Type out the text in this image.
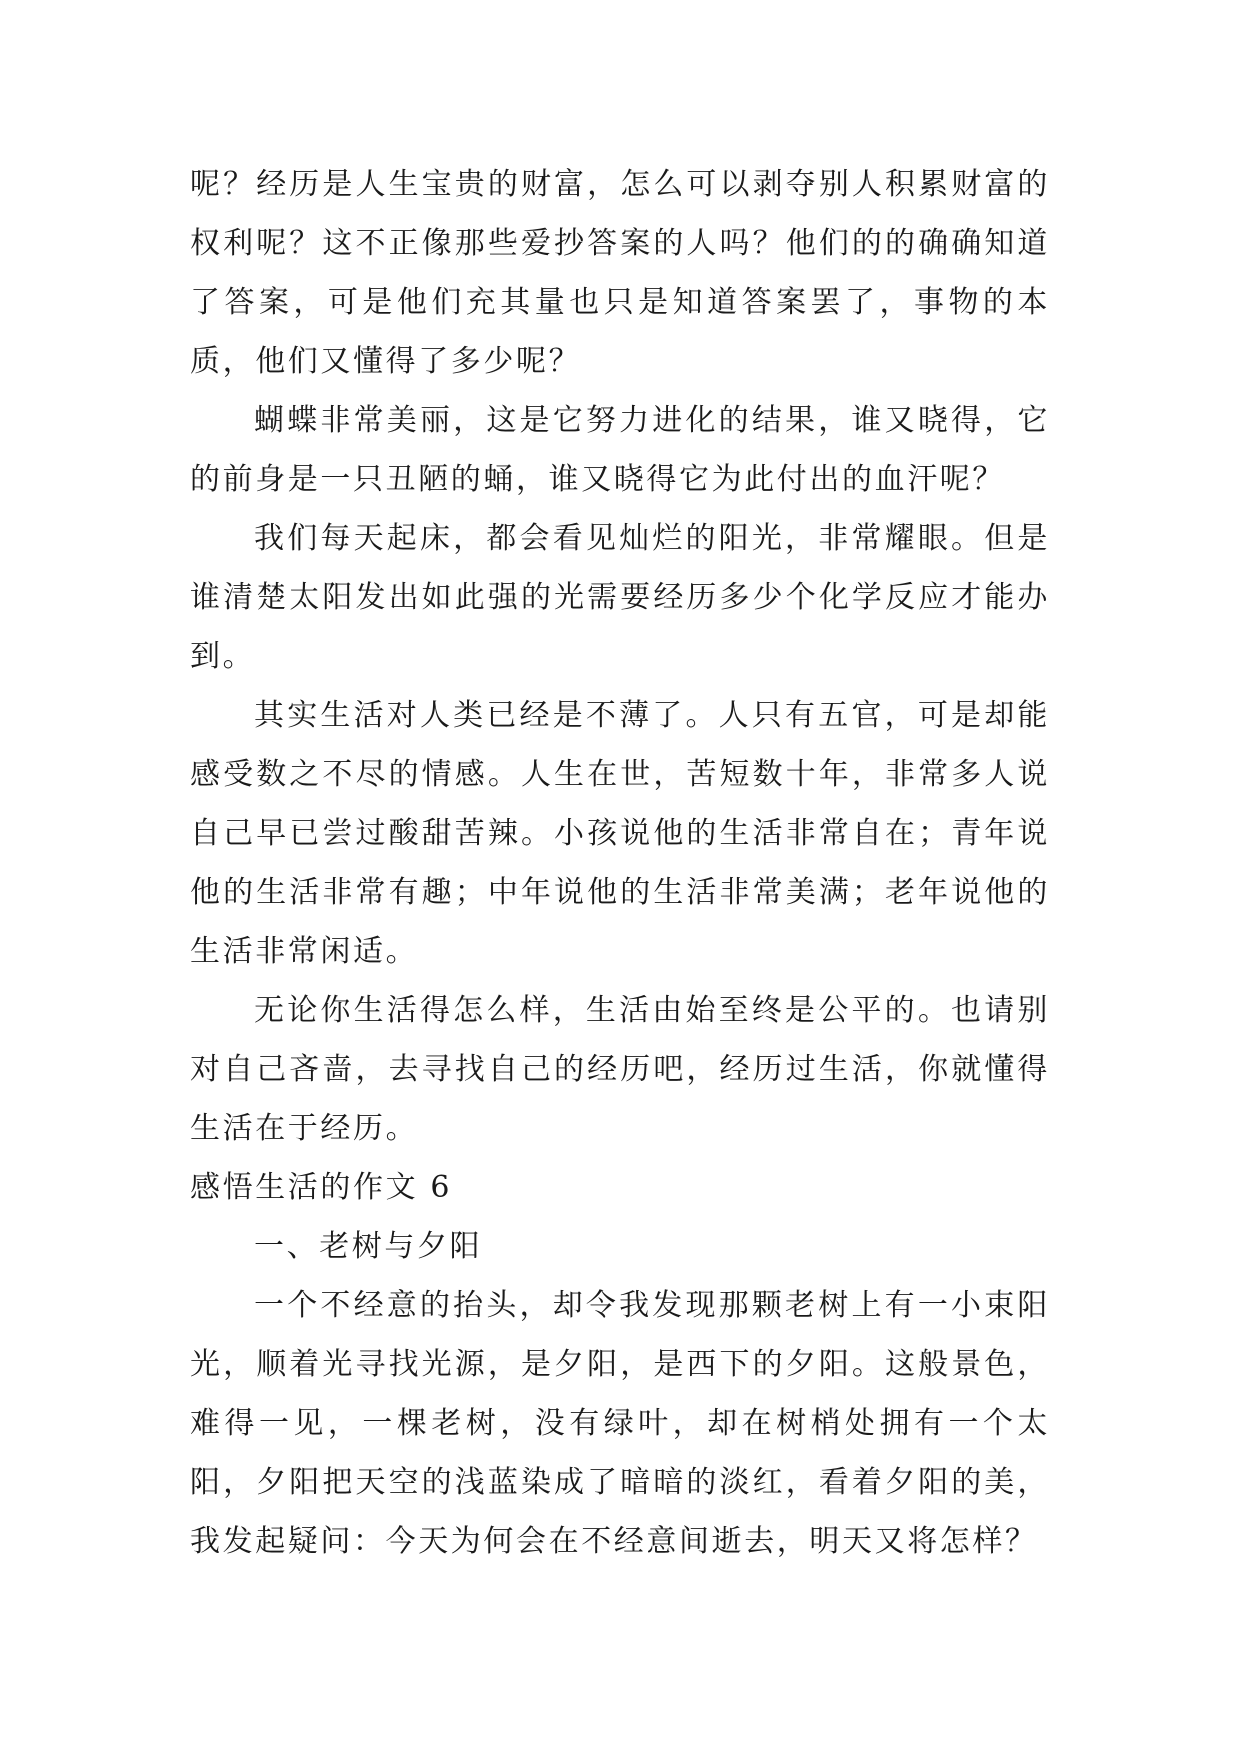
呢？经历是人生宝贵的财富，怎么可以剥夺别人积累财富的权利呢？这不正像那些爱抄答案的人吗？他们的的确确知道了答案，可是他们充其量也只是知道答案罢了，事物的本质，他们又懂得了多少呢？

蝴蝶非常美丽，这是它努力进化的结果，谁又晓得，它的前身是一只丑陋的蛹，谁又晓得它为此付出的血汗呢？

我们每天起床，都会看见灿烂的阳光，非常耀眼。但是谁清楚太阳发出如此强的光需要经历多少个化学反应才能办到。

其实生活对人类已经是不薄了。人只有五官，可是却能感受数之不尽的情感。人生在世，苦短数十年，非常多人说自己早已尝过酸甜苦辣。小孩说他的生活非常自在；青年说他的生活非常有趣；中年说他的生活非常美满；老年说他的生活非常闲适。

无论你生活得怎么样，生活由始至终是公平的。也请别对自己吝啬，去寻找自己的经历吧，经历过生活，你就懂得生活在于经历。

感悟生活的作文 6

一、老树与夕阳

一个不经意的抬头，却令我发现那颗老树上有一小束阳光，顺着光寻找光源，是夕阳，是西下的夕阳。这般景色，难得一见，一棵老树，没有绿叶，却在树梢处拥有一个太阳，夕阳把天空的浅蓝染成了暗暗的淡红，看着夕阳的美，我发起疑问：今天为何会在不经意间逝去，明天又将怎样？
